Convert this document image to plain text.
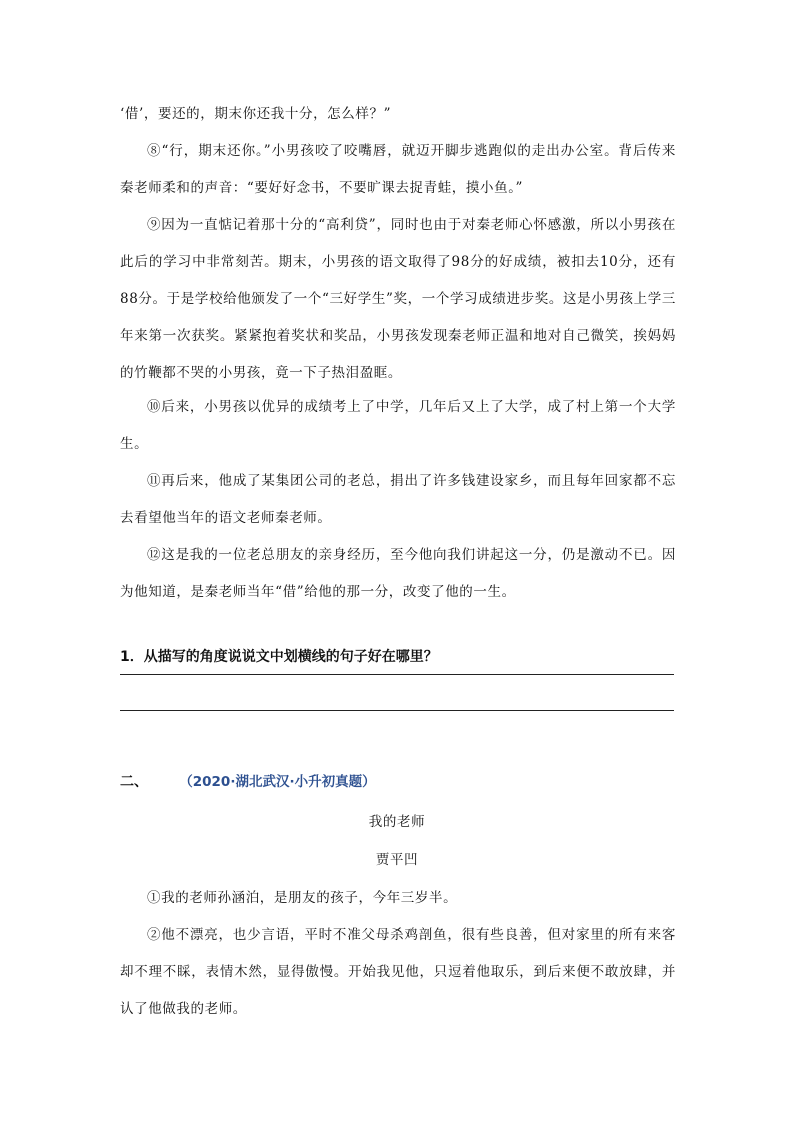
‘借’，要还的，期末你还我十分，怎么样？”

⑧“行，期末还你。”小男孩咬了咬嘴唇，就迈开脚步逃跑似的走出办公室。背后传来秦老师柔和的声音：“要好好念书，不要旷课去捉青蛙，摸小鱼。”

⑨因为一直惦记着那十分的“高利贷”，同时也由于对秦老师心怀感激，所以小男孩在此后的学习中非常刻苦。期末，小男孩的语文取得了98分的好成绩，被扣去10分，还有88分。于是学校给他颁发了一个“三好学生”奖，一个学习成绩进步奖。这是小男孩上学三年来第一次获奖。紧紧抱着奖状和奖品，小男孩发现秦老师正温和地对自己微笑，挨妈妈的竹鞭都不哭的小男孩，竟一下子热泪盈眶。

⑩后来，小男孩以优异的成绩考上了中学，几年后又上了大学，成了村上第一个大学生。

⑪再后来，他成了某集团公司的老总，捐出了许多钱建设家乡，而且每年回家都不忘去看望他当年的语文老师秦老师。

⑫这是我的一位老总朋友的亲身经历，至今他向我们讲起这一分，仍是激动不已。因为他知道，是秦老师当年“借”给他的那一分，改变了他的一生。

1．从描写的角度说说文中划横线的句子好在哪里？

二、	（2020·湖北武汉·小升初真题）
我的老师
贾平凹

①我的老师孙涵泊，是朋友的孩子，今年三岁半。

②他不漂亮，也少言语，平时不准父母杀鸡剖鱼，很有些良善，但对家里的所有来客却不理不睬，表情木然，显得傲慢。开始我见他，只逗着他取乐，到后来便不敢放肆，并认了他做我的老师。
